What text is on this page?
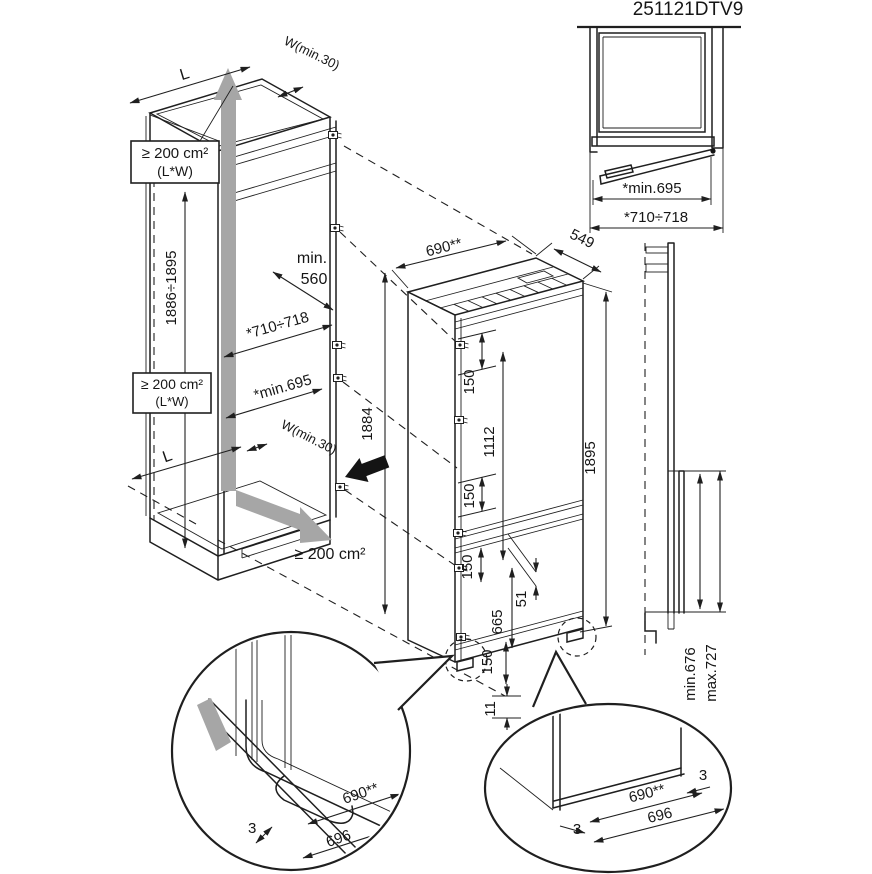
251121DTV9
*min.695
*710÷718
L
W(min.30)
≥ 200 cm²
(L*W)
1886÷1895	min.
560
*710÷718
*min.695
≥ 200 cm²
(L*W)
W(min.30)
L
≥ 200 cm²
1884
690**	549
150
1112
150
150
51
665
150
11
1895
min.676 max.727
3
690**
696
3
690**
696
3
